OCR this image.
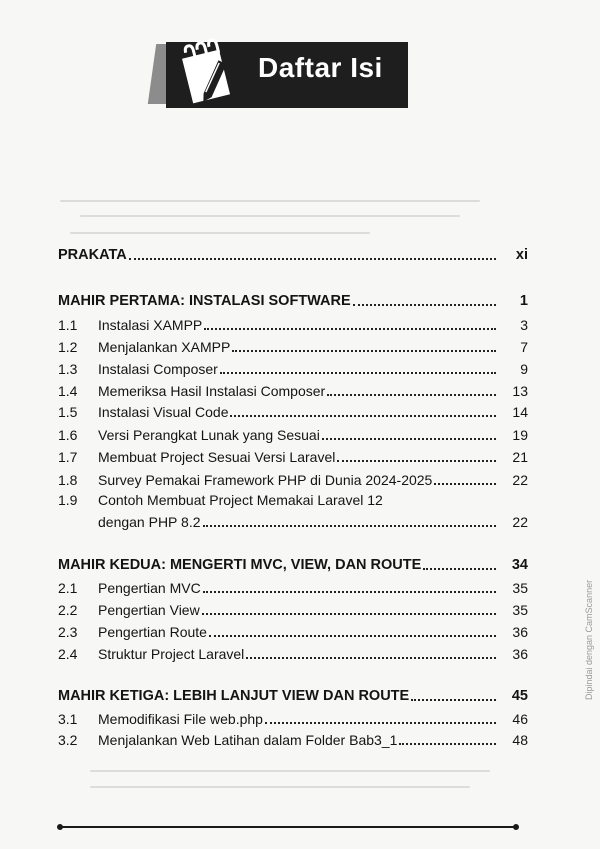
Daftar Isi
PRAKATA	xi
MAHIR PERTAMA: INSTALASI SOFTWARE	1
1.1	Instalasi XAMPP	3
1.2	Menjalankan XAMPP	7
1.3	Instalasi Composer	9
1.4	Memeriksa Hasil Instalasi Composer	13
1.5	Instalasi Visual Code	14
1.6	Versi Perangkat Lunak yang Sesuai	19
1.7	Membuat Project Sesuai Versi Laravel	21
1.8	Survey Pemakai Framework PHP di Dunia 2024-2025	22
1.9	Contoh Membuat Project Memakai Laravel 12
dengan PHP 8.2	22
MAHIR KEDUA: MENGERTI MVC, VIEW, DAN ROUTE	34
2.1	Pengertian MVC	35
2.2	Pengertian View	35
2.3	Pengertian Route	36
2.4	Struktur Project Laravel	36
MAHIR KETIGA: LEBIH LANJUT VIEW DAN ROUTE	45
3.1	Memodifikasi File web.php	46
3.2	Menjalankan Web Latihan dalam Folder Bab3_1	48
Dipindai dengan CamScanner
